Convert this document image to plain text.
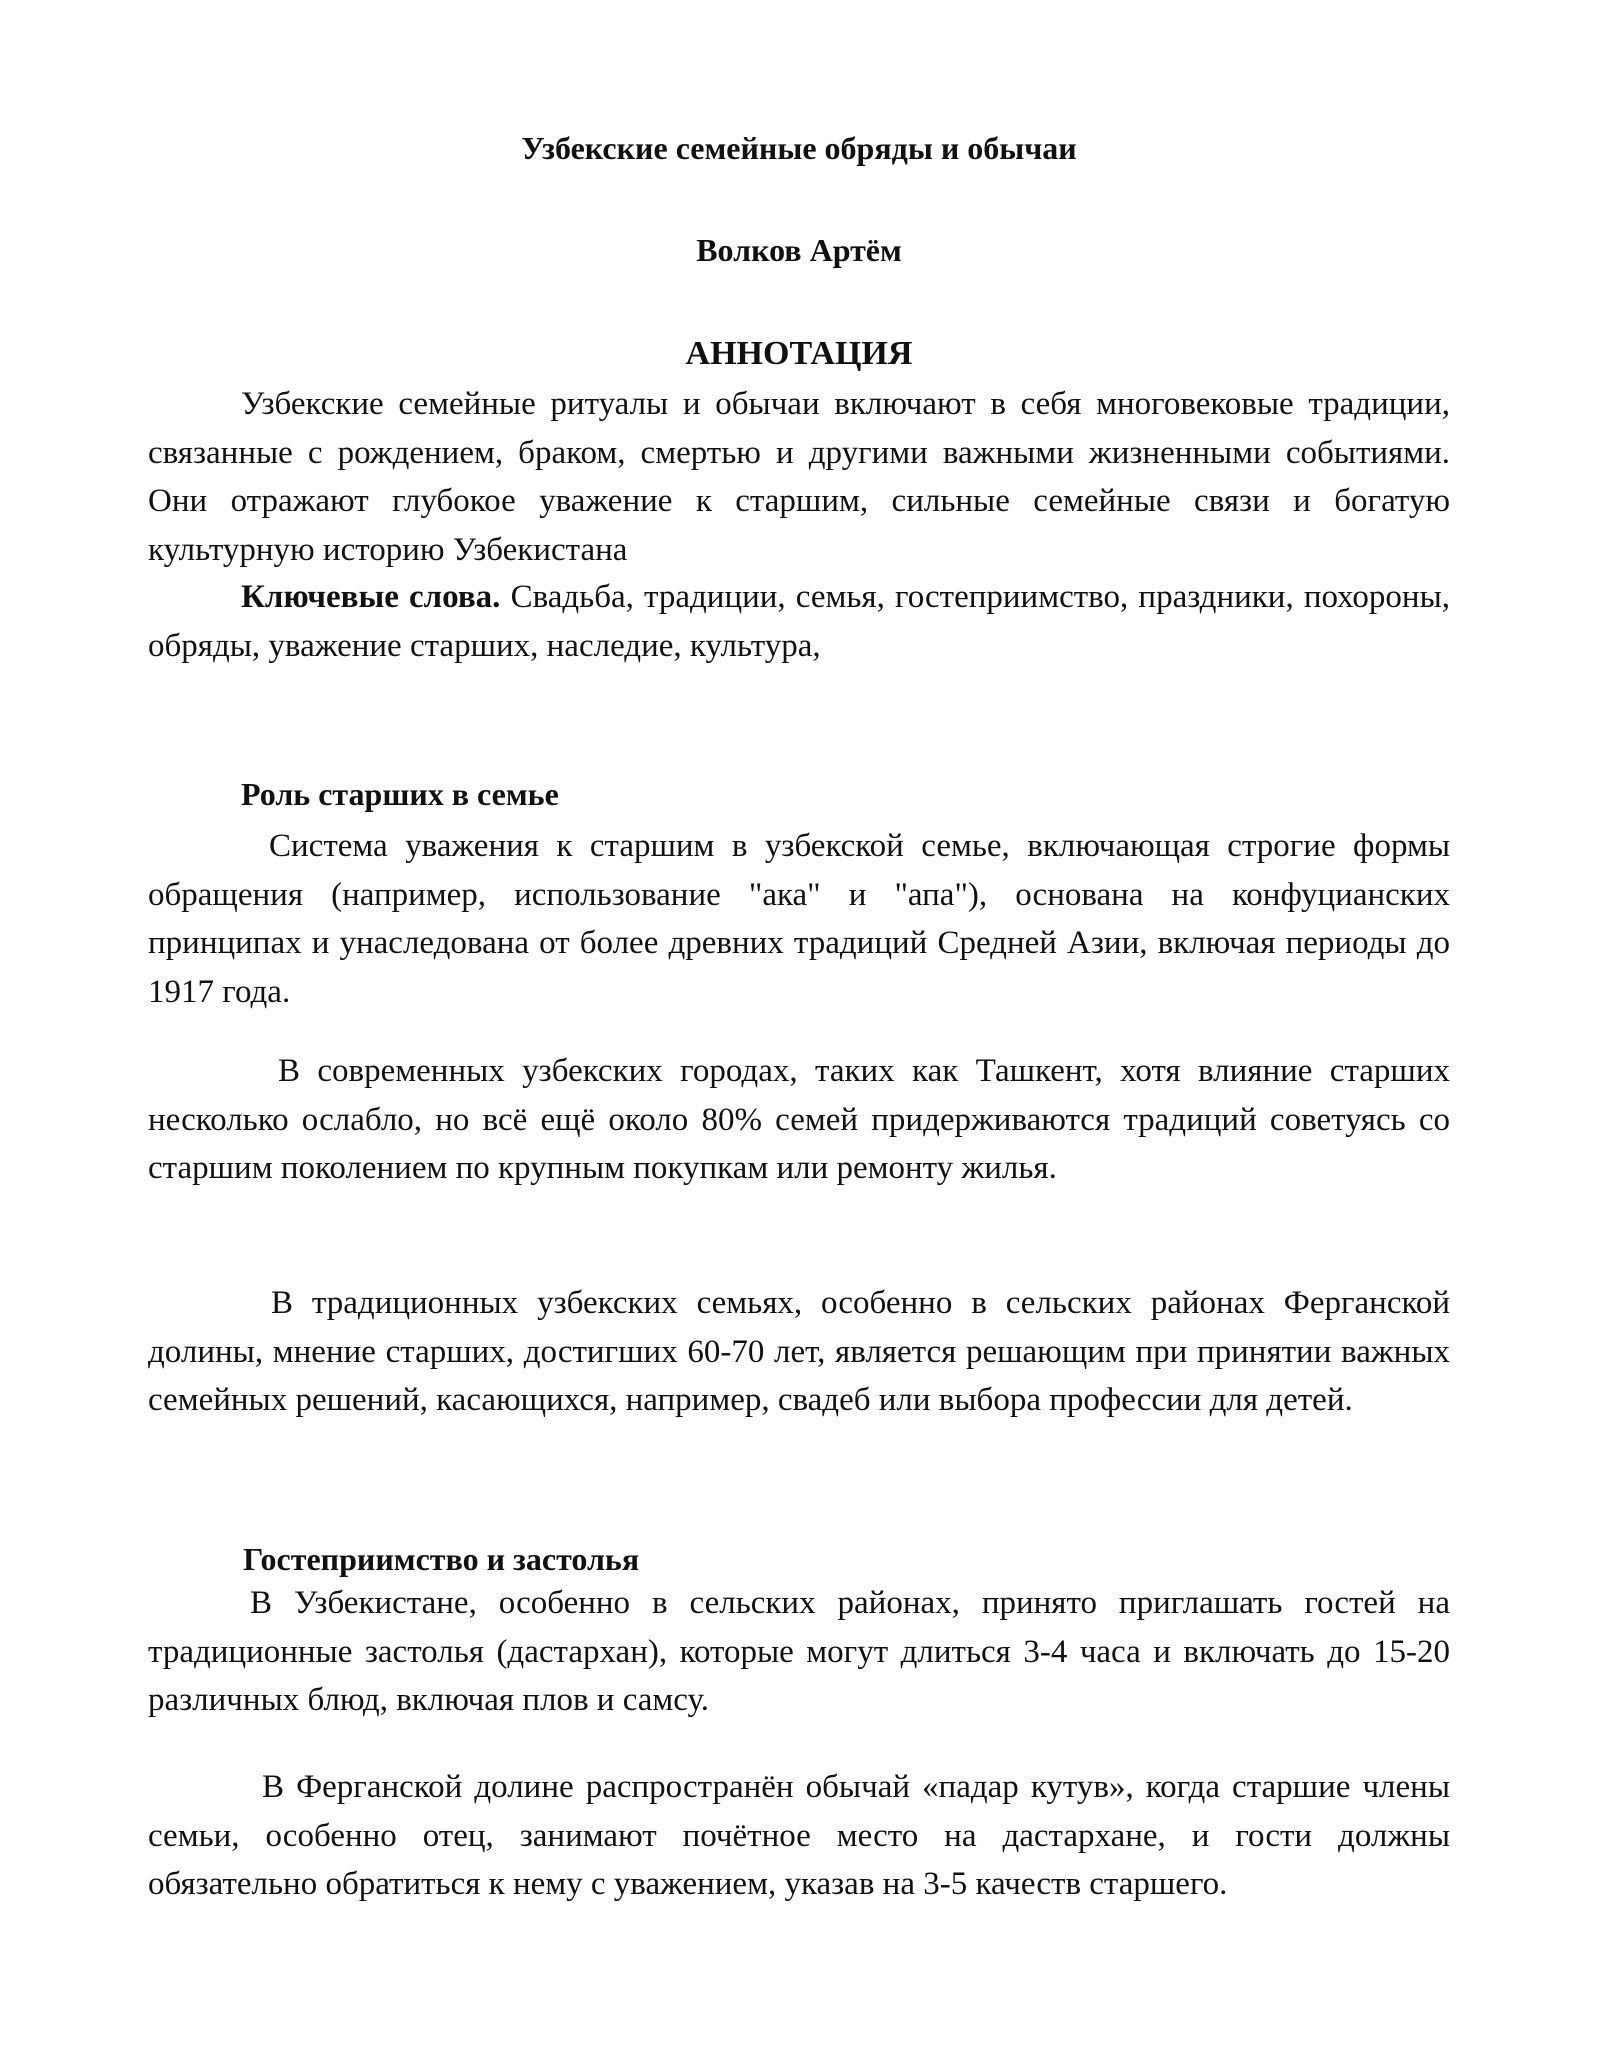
Узбекские семейные обряды и обычаи
Волков Артём
АННОТАЦИЯ

Узбекские семейные ритуалы и обычаи включают в себя многовековые традиции, связанные с рождением, браком, смертью и другими важными жизненными событиями. Они отражают глубокое уважение к старшим, сильные семейные связи и богатую культурную историю Узбекистана

Ключевые слова. Свадьба, традиции, семья, гостеприимство, праздники, похороны, обряды, уважение старших, наследие, культура,

Роль старших в семье

Система уважения к старшим в узбекской семье, включающая строгие формы обращения (например, использование "ака" и "апа"), основана на конфуцианских принципах и унаследована от более древних традиций Средней Азии, включая периоды до 1917 года.

В современных узбекских городах, таких как Ташкент, хотя влияние старших несколько ослабло, но всё ещё около 80% семей придерживаются традиций советуясь со старшим поколением по крупным покупкам или ремонту жилья.

В традиционных узбекских семьях, особенно в сельских районах Ферганской долины, мнение старших, достигших 60-70 лет, является решающим при принятии важных семейных решений, касающихся, например, свадеб или выбора профессии для детей.

Гостеприимство и застолья

В Узбекистане, особенно в сельских районах, принято приглашать гостей на традиционные застолья (дастархан), которые могут длиться 3-4 часа и включать до 15-20 различных блюд, включая плов и самсу.

В Ферганской долине распространён обычай «падар кутув», когда старшие члены семьи, особенно отец, занимают почётное место на дастархане, и гости должны обязательно обратиться к нему с уважением, указав на 3-5 качеств старшего.
